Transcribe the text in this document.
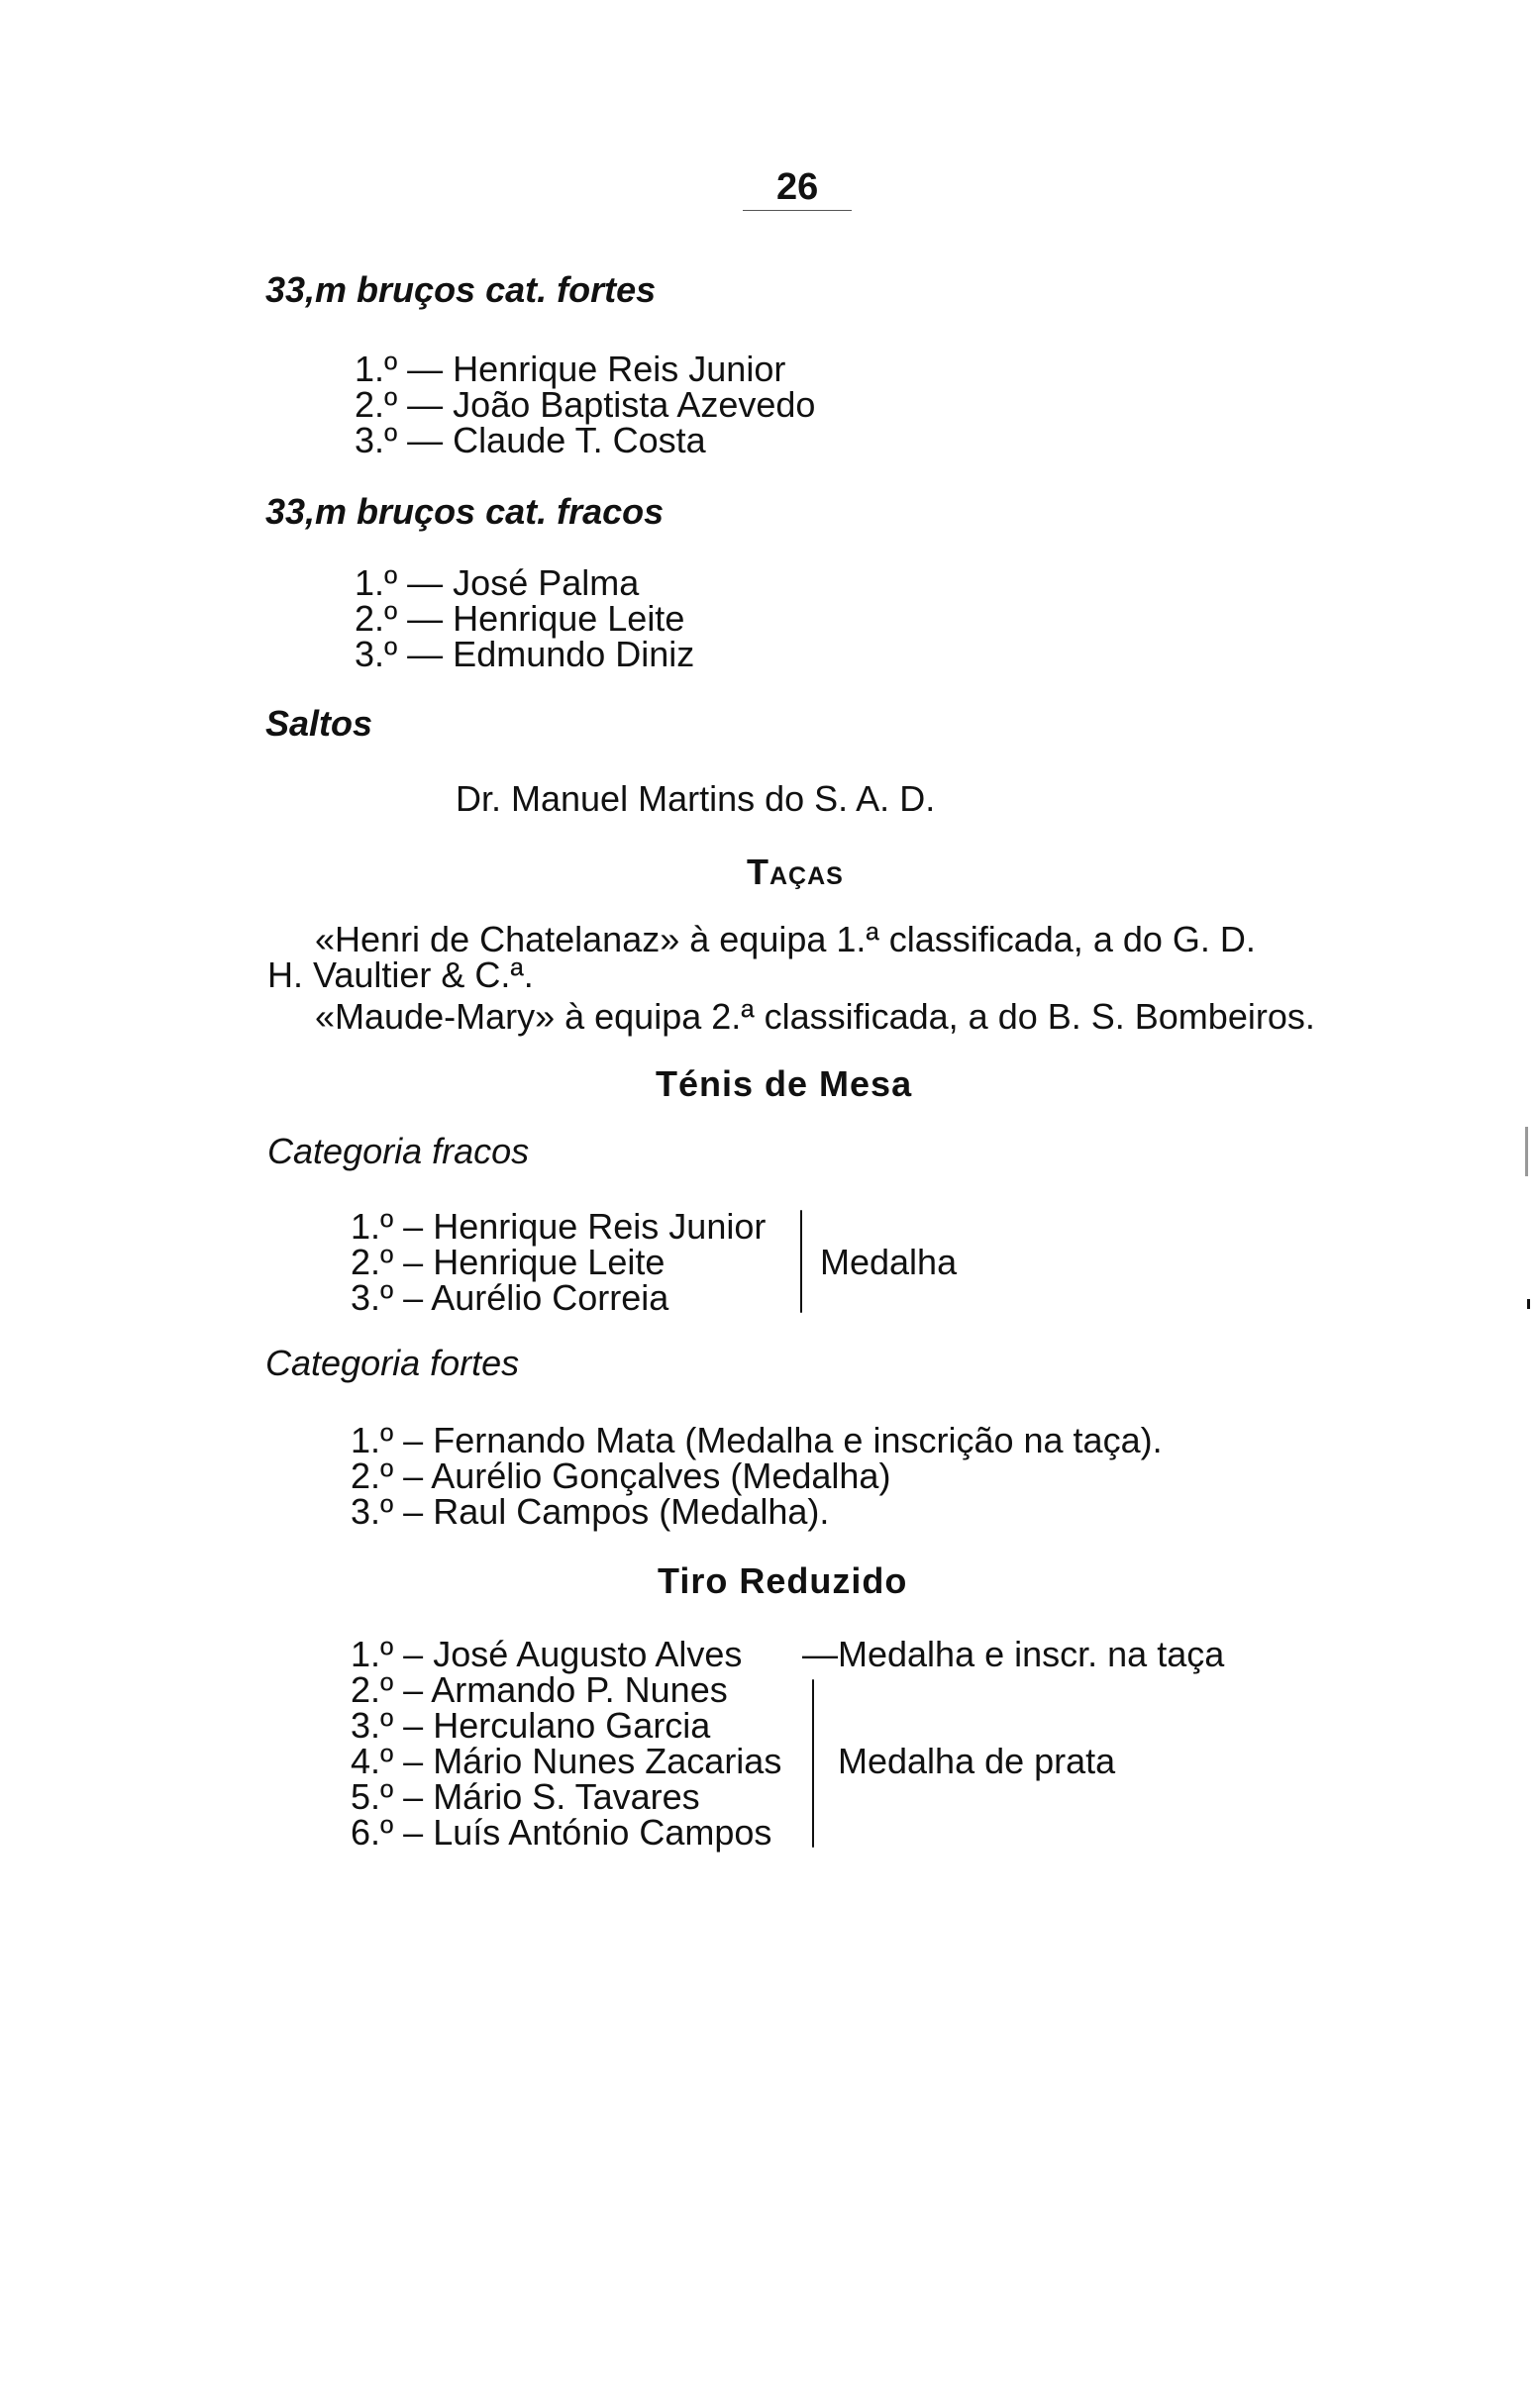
26
33,m bruços cat. fortes
1.º — Henrique Reis Junior
2.º — João Baptista Azevedo
3.º — Claude T. Costa
33,m bruços cat. fracos
1.º — José Palma
2.º — Henrique Leite
3.º — Edmundo Diniz
Saltos
Dr. Manuel Martins do S. A. D.
Taças
«Henri de Chatelanaz» à equipa 1.ª classificada, a do G. D.
H. Vaultier & C.ª.
«Maude-Mary» à equipa 2.ª classificada, a do B. S. Bombeiros.
Ténis de Mesa
Categoria fracos
1.º – Henrique Reis Junior
2.º – Henrique Leite
3.º – Aurélio Correia
Medalha
Categoria fortes
1.º – Fernando Mata (Medalha e inscrição na taça).
2.º – Aurélio Gonçalves (Medalha)
3.º – Raul Campos (Medalha).
Tiro Reduzido
1.º – José Augusto Alves —Medalha e inscr. na taça
2.º – Armando P. Nunes
3.º – Herculano Garcia
4.º – Mário Nunes Zacarias
5.º – Mário S. Tavares
6.º – Luís António Campos
Medalha de prata
